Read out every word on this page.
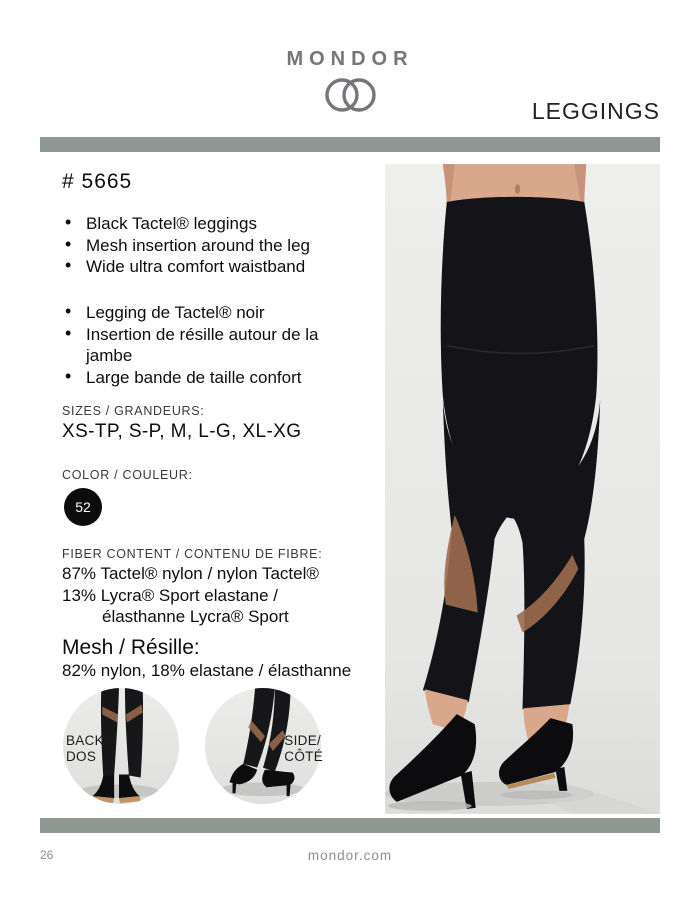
MONDOR
LEGGINGS
# 5665
• Black Tactel® leggings
• Mesh insertion around the leg
• Wide ultra comfort waistband
• Legging de Tactel® noir
• Insertion de résille autour de la jambe
• Large bande de taille confort
SIZES / GRANDEURS:
XS-TP, S-P, M, L-G, XL-XG
COLOR / COULEUR:
52
FIBER CONTENT / CONTENU DE FIBRE:
87% Tactel® nylon / nylon Tactel®
13% Lycra® Sport elastane /
élasthanne Lycra® Sport
Mesh / Résille:
82% nylon, 18% elastane / élasthanne
BACK/
DOS
SIDE/
CÔTÉ
26	mondor.com
